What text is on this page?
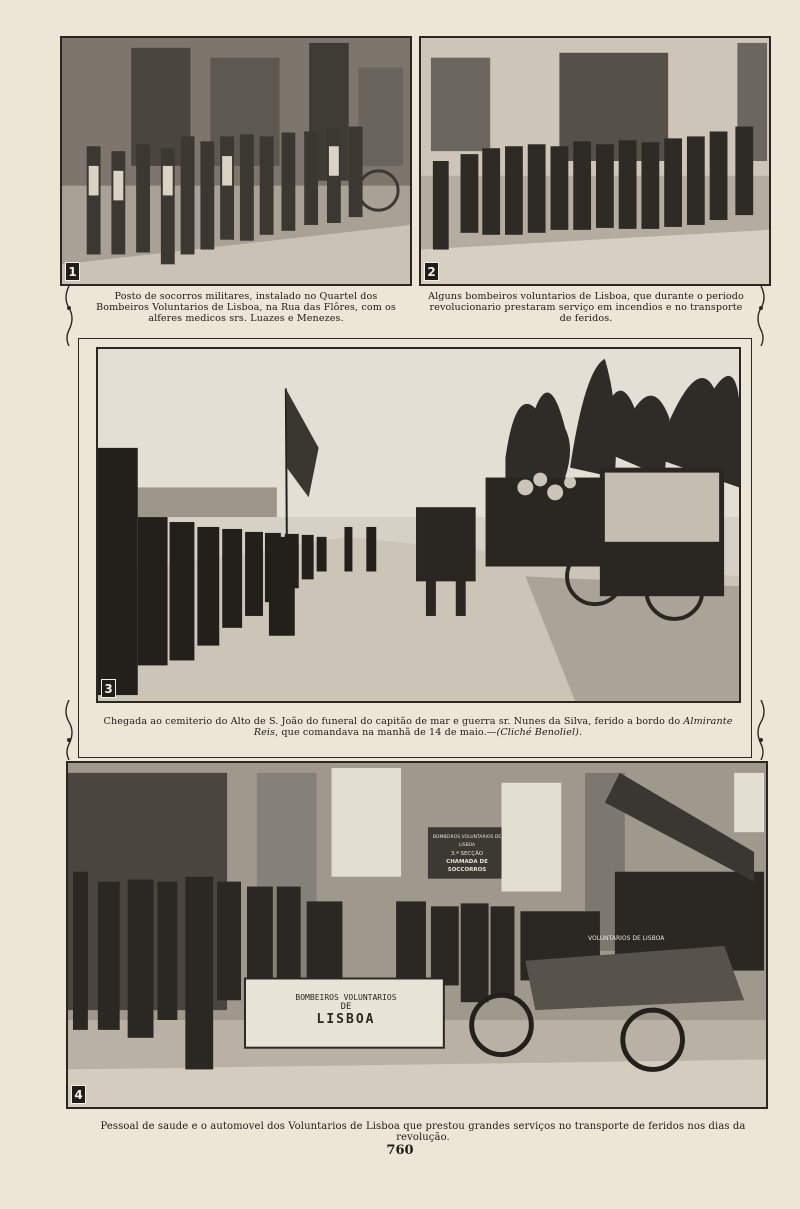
1	2
Posto de socorros militares, instalado no Quartel dos Bombeiros Voluntarios de Lisboa, na Rua das Flôres, com os alferes medicos srs. Luazes e Menezes.
Alguns bombeiros voluntarios de Lisboa, que durante o periodo revolucionario prestaram serviço em incendios e no transporte de feridos.
3
Chegada ao cemiterio do Alto de S. João do funeral do capitão de mar e guerra sr. Nunes da Silva, ferido a bordo do Almirante Reis, que comandava na manhã de 14 de maio.—(Cliché Benoliel).
BOMBEIROS VOLUNTARIOS
DE
LISBOA
BOMBEIROS VOLUNTARIOS DE LISBOA
3.ª SECÇÃO
CHAMADA DE SOCCORROS
VOLUNTARIOS DE LISBOA
4
Pessoal de saude e o automovel dos Voluntarios de Lisboa que prestou grandes serviços no transporte de feridos nos dias da revolução.
760
